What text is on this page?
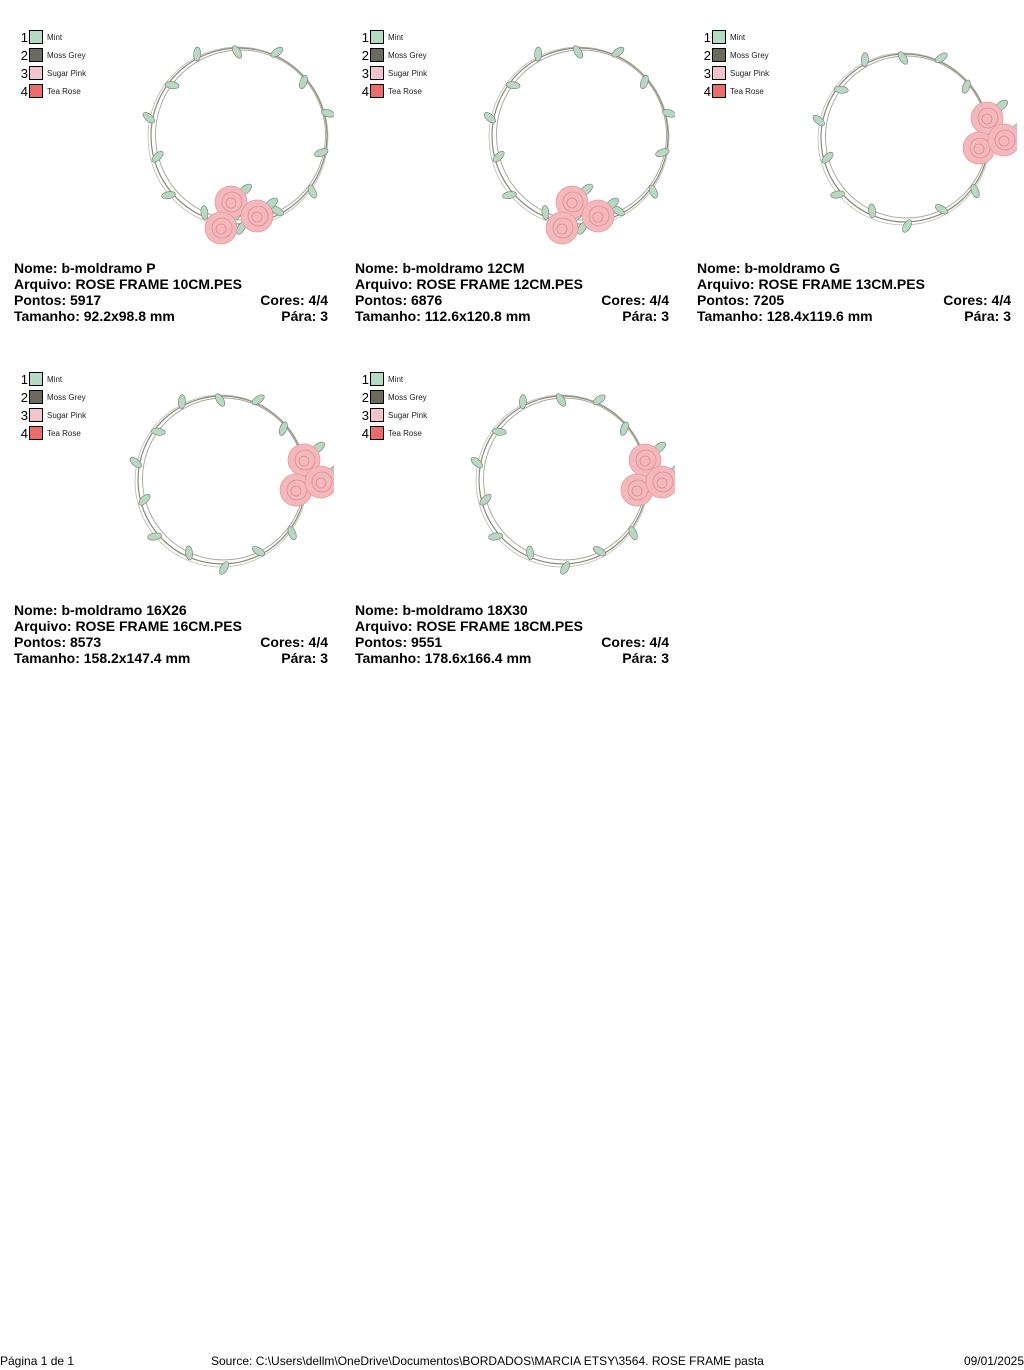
1 Mint
2 Moss Grey
3 Sugar Pink
4 Tea Rose
Nome: b-moldramo P
Arquivo: ROSE FRAME 10CM.PES
Pontos: 5917	Cores: 4/4
Tamanho: 92.2x98.8 mm	Pára: 3
1 Mint
2 Moss Grey
3 Sugar Pink
4 Tea Rose
Nome: b-moldramo 12CM
Arquivo: ROSE FRAME 12CM.PES
Pontos: 6876	Cores: 4/4
Tamanho: 112.6x120.8 mm	Pára: 3
1 Mint
2 Moss Grey
3 Sugar Pink
4 Tea Rose
Nome: b-moldramo G
Arquivo: ROSE FRAME 13CM.PES
Pontos: 7205	Cores: 4/4
Tamanho: 128.4x119.6 mm	Pára: 3
1 Mint
2 Moss Grey
3 Sugar Pink
4 Tea Rose
Nome: b-moldramo 16X26
Arquivo: ROSE FRAME 16CM.PES
Pontos: 8573	Cores: 4/4
Tamanho: 158.2x147.4 mm	Pára: 3
1 Mint
2 Moss Grey
3 Sugar Pink
4 Tea Rose
Nome: b-moldramo 18X30
Arquivo: ROSE FRAME 18CM.PES
Pontos: 9551	Cores: 4/4
Tamanho: 178.6x166.4 mm	Pára: 3
Página 1 de 1	Source: C:\Users\dellm\OneDrive\Documentos\BORDADOS\MARCIA ETSY\3564. ROSE FRAME pasta	09/01/2025
